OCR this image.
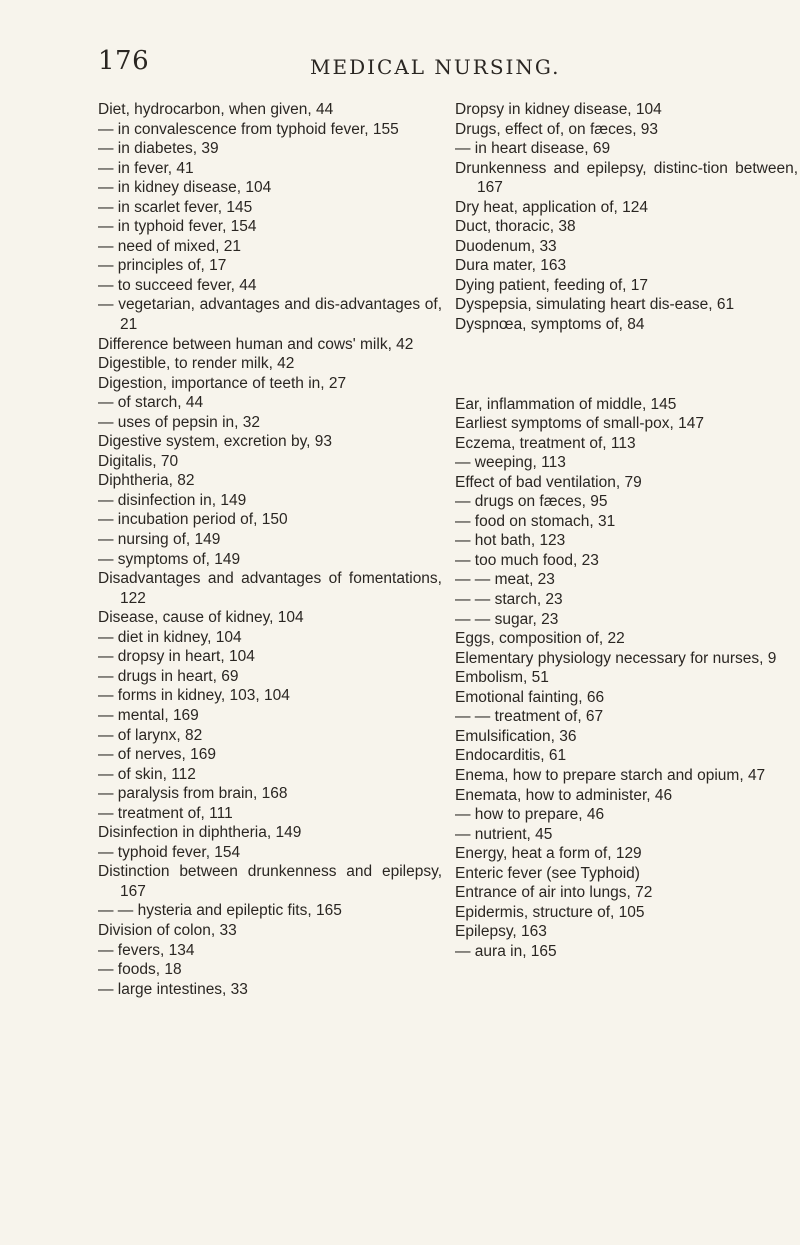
176	MEDICAL NURSING.
Diet, hydrocarbon, when given, 44
— in convalescence from typhoid fever, 155
— in diabetes, 39
— in fever, 41
— in kidney disease, 104
— in scarlet fever, 145
— in typhoid fever, 154
— need of mixed, 21
— principles of, 17
— to succeed fever, 44
— vegetarian, advantages and dis-advantages of, 21
Difference between human and cows' milk, 42
Digestible, to render milk, 42
Digestion, importance of teeth in, 27
— of starch, 44
— uses of pepsin in, 32
Digestive system, excretion by, 93
Digitalis, 70
Diphtheria, 82
— disinfection in, 149
— incubation period of, 150
— nursing of, 149
— symptoms of, 149
Disadvantages and advantages of fomentations, 122
Disease, cause of kidney, 104
— diet in kidney, 104
— dropsy in heart, 104
— drugs in heart, 69
— forms in kidney, 103, 104
— mental, 169
— of larynx, 82
— of nerves, 169
— of skin, 112
— paralysis from brain, 168
— treatment of, 111
Disinfection in diphtheria, 149
— typhoid fever, 154
Distinction between drunkenness and epilepsy, 167
— — hysteria and epileptic fits, 165
Division of colon, 33
— fevers, 134
— foods, 18
— large intestines, 33
Dropsy in kidney disease, 104
Drugs, effect of, on fæces, 93
— in heart disease, 69
Drunkenness and epilepsy, distinc-tion between, 167
Dry heat, application of, 124
Duct, thoracic, 38
Duodenum, 33
Dura mater, 163
Dying patient, feeding of, 17
Dyspepsia, simulating heart dis-ease, 61
Dyspnœa, symptoms of, 84
Ear, inflammation of middle, 145
Earliest symptoms of small-pox, 147
Eczema, treatment of, 113
— weeping, 113
Effect of bad ventilation, 79
— drugs on fæces, 95
— food on stomach, 31
— hot bath, 123
— too much food, 23
— — meat, 23
— — starch, 23
— — sugar, 23
Eggs, composition of, 22
Elementary physiology necessary for nurses, 9
Embolism, 51
Emotional fainting, 66
— — treatment of, 67
Emulsification, 36
Endocarditis, 61
Enema, how to prepare starch and opium, 47
Enemata, how to administer, 46
— how to prepare, 46
— nutrient, 45
Energy, heat a form of, 129
Enteric fever (see Typhoid)
Entrance of air into lungs, 72
Epidermis, structure of, 105
Epilepsy, 163
— aura in, 165
